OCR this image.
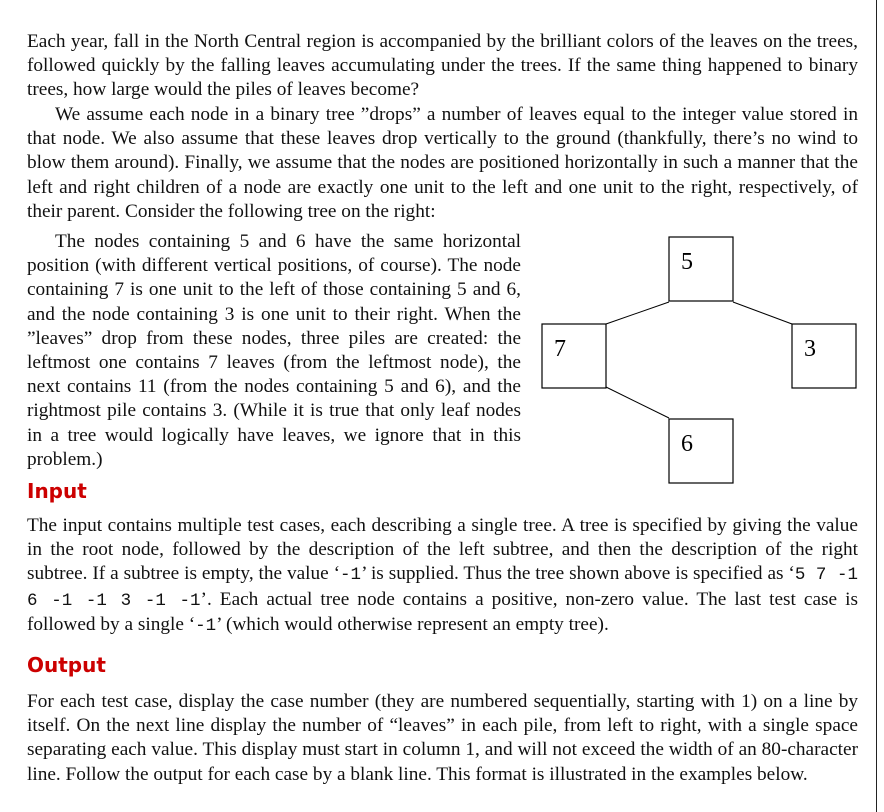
Each year, fall in the North Central region is accompanied by the brilliant colors of the leaves on the trees, followed quickly by the falling leaves accumulating under the trees. If the same thing happened to binary trees, how large would the piles of leaves become?

We assume each node in a binary tree ”drops” a number of leaves equal to the integer value stored in that node. We also assume that these leaves drop vertically to the ground (thankfully, there’s no wind to blow them around). Finally, we assume that the nodes are positioned horizontally in such a manner that the left and right children of a node are exactly one unit to the left and one unit to the right, respectively, of their parent. Consider the following tree on the right:

The nodes containing 5 and 6 have the same horizontal position (with different vertical positions, of course). The node containing 7 is one unit to the left of those containing 5 and 6, and the node containing 3 is one unit to their right. When the ”leaves” drop from these nodes, three piles are created: the leftmost one contains 7 leaves (from the leftmost node), the next contains 11 (from the nodes containing 5 and 6), and the rightmost pile contains 3. (While it is true that only leaf nodes in a tree would logically have leaves, we ignore that in this problem.)

5
7	3
6
Input

The input contains multiple test cases, each describing a single tree. A tree is specified by giving the value in the root node, followed by the description of the left subtree, and then the description of the right subtree. If a subtree is empty, the value ‘-1’ is supplied. Thus the tree shown above is specified as ‘5 7 -1 6 -1 -1 3 -1 -1’. Each actual tree node contains a positive, non-zero value. The last test case is followed by a single ‘-1’ (which would otherwise represent an empty tree).

Output

For each test case, display the case number (they are numbered sequentially, starting with 1) on a line by itself. On the next line display the number of “leaves” in each pile, from left to right, with a single space separating each value. This display must start in column 1, and will not exceed the width of an 80-character line. Follow the output for each case by a blank line. This format is illustrated in the examples below.
